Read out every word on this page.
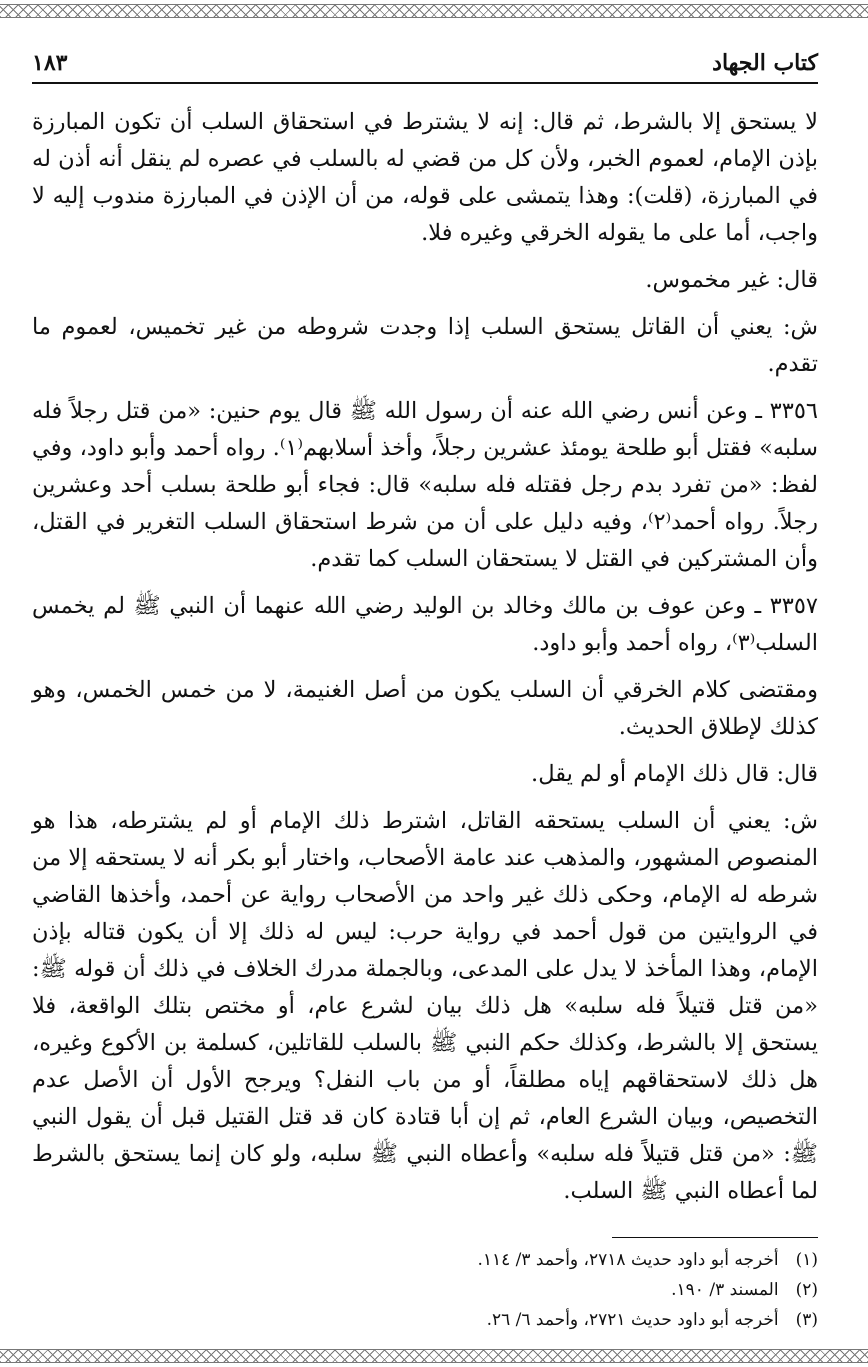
١٨٣	كتاب الجهاد

لا يستحق إلا بالشرط، ثم قال: إنه لا يشترط في استحقاق السلب أن تكون المبارزة بإذن الإمام، لعموم الخبر، ولأن كل من قضي له بالسلب في عصره لم ينقل أنه أذن له في المبارزة، (قلت): وهذا يتمشى على قوله، من أن الإذن في المبارزة مندوب إليه لا واجب، أما على ما يقوله الخرقي وغيره فلا.

قال: غير مخموس.

ش: يعني أن القاتل يستحق السلب إذا وجدت شروطه من غير تخميس، لعموم ما تقدم.

٣٣٥٦ ـ وعن أنس رضي الله عنه أن رسول الله ﷺ قال يوم حنين: «من قتل رجلاً فله سلبه» فقتل أبو طلحة يومئذ عشرين رجلاً، وأخذ أسلابهم⁽١⁾. رواه أحمد وأبو داود، وفي لفظ: «من تفرد بدم رجل فقتله فله سلبه» قال: فجاء أبو طلحة بسلب أحد وعشرين رجلاً. رواه أحمد⁽٢⁾، وفيه دليل على أن من شرط استحقاق السلب التغرير في القتل، وأن المشتركين في القتل لا يستحقان السلب كما تقدم.

٣٣٥٧ ـ وعن عوف بن مالك وخالد بن الوليد رضي الله عنهما أن النبي ﷺ لم يخمس السلب⁽٣⁾، رواه أحمد وأبو داود.

ومقتضى كلام الخرقي أن السلب يكون من أصل الغنيمة، لا من خمس الخمس، وهو كذلك لإطلاق الحديث.

قال: قال ذلك الإمام أو لم يقل.

ش: يعني أن السلب يستحقه القاتل، اشترط ذلك الإمام أو لم يشترطه، هذا هو المنصوص المشهور، والمذهب عند عامة الأصحاب، واختار أبو بكر أنه لا يستحقه إلا من شرطه له الإمام، وحكى ذلك غير واحد من الأصحاب رواية عن أحمد، وأخذها القاضي في الروايتين من قول أحمد في رواية حرب: ليس له ذلك إلا أن يكون قتاله بإذن الإمام، وهذا المأخذ لا يدل على المدعى، وبالجملة مدرك الخلاف في ذلك أن قوله ﷺ: «من قتل قتيلاً فله سلبه» هل ذلك بيان لشرع عام، أو مختص بتلك الواقعة، فلا يستحق إلا بالشرط، وكذلك حكم النبي ﷺ بالسلب للقاتلين، كسلمة بن الأكوع وغيره، هل ذلك لاستحقاقهم إياه مطلقاً، أو من باب النفل؟ ويرجح الأول أن الأصل عدم التخصيص، وبيان الشرع العام، ثم إن أبا قتادة كان قد قتل القتيل قبل أن يقول النبي ﷺ: «من قتل قتيلاً فله سلبه» وأعطاه النبي ﷺ سلبه، ولو كان إنما يستحق بالشرط لما أعطاه النبي ﷺ السلب.

(١) أخرجه أبو داود حديث ٢٧١٨، وأحمد ٣/ ١١٤.
(٢) المسند ٣/ ١٩٠.
(٣) أخرجه أبو داود حديث ٢٧٢١، وأحمد ٦/ ٢٦.
